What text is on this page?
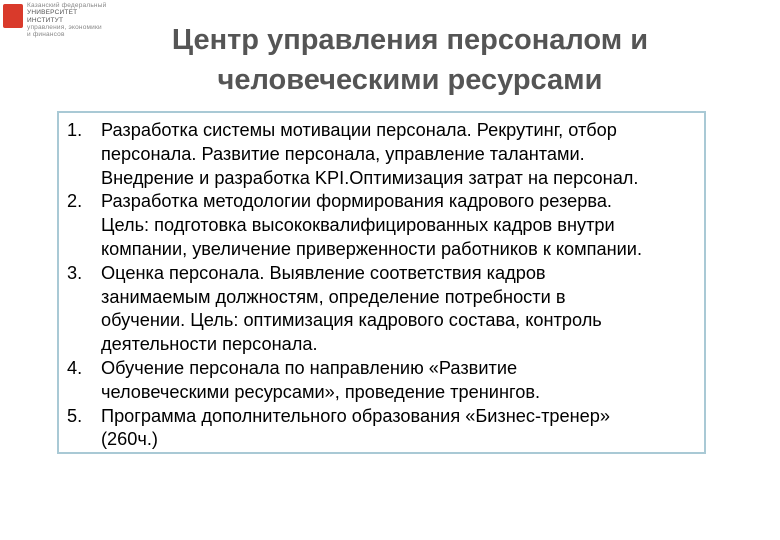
Казанский федеральный
УНИВЕРСИТЕТ
ИНСТИТУТ
управления, экономики
и финансов	Центр управления персоналом и
человеческими ресурсами
1.	Разработка системы мотивации персонала. Рекрутинг, отбор
персонала. Развитие персонала, управление талантами.
Внедрение и разработка KPI.Оптимизация затрат на персонал.
2.	Разработка методологии формирования кадрового резерва.
Цель: подготовка высококвалифицированных кадров внутри
компании, увеличение приверженности работников к компании.
3.	Оценка персонала. Выявление соответствия кадров
занимаемым должностям, определение потребности в
обучении. Цель: оптимизация кадрового состава, контроль
деятельности персонала.
4.	Обучение персонала по направлению «Развитие
человеческими ресурсами», проведение тренингов.
5.	Программа дополнительного образования «Бизнес-тренер»
(260ч.)
